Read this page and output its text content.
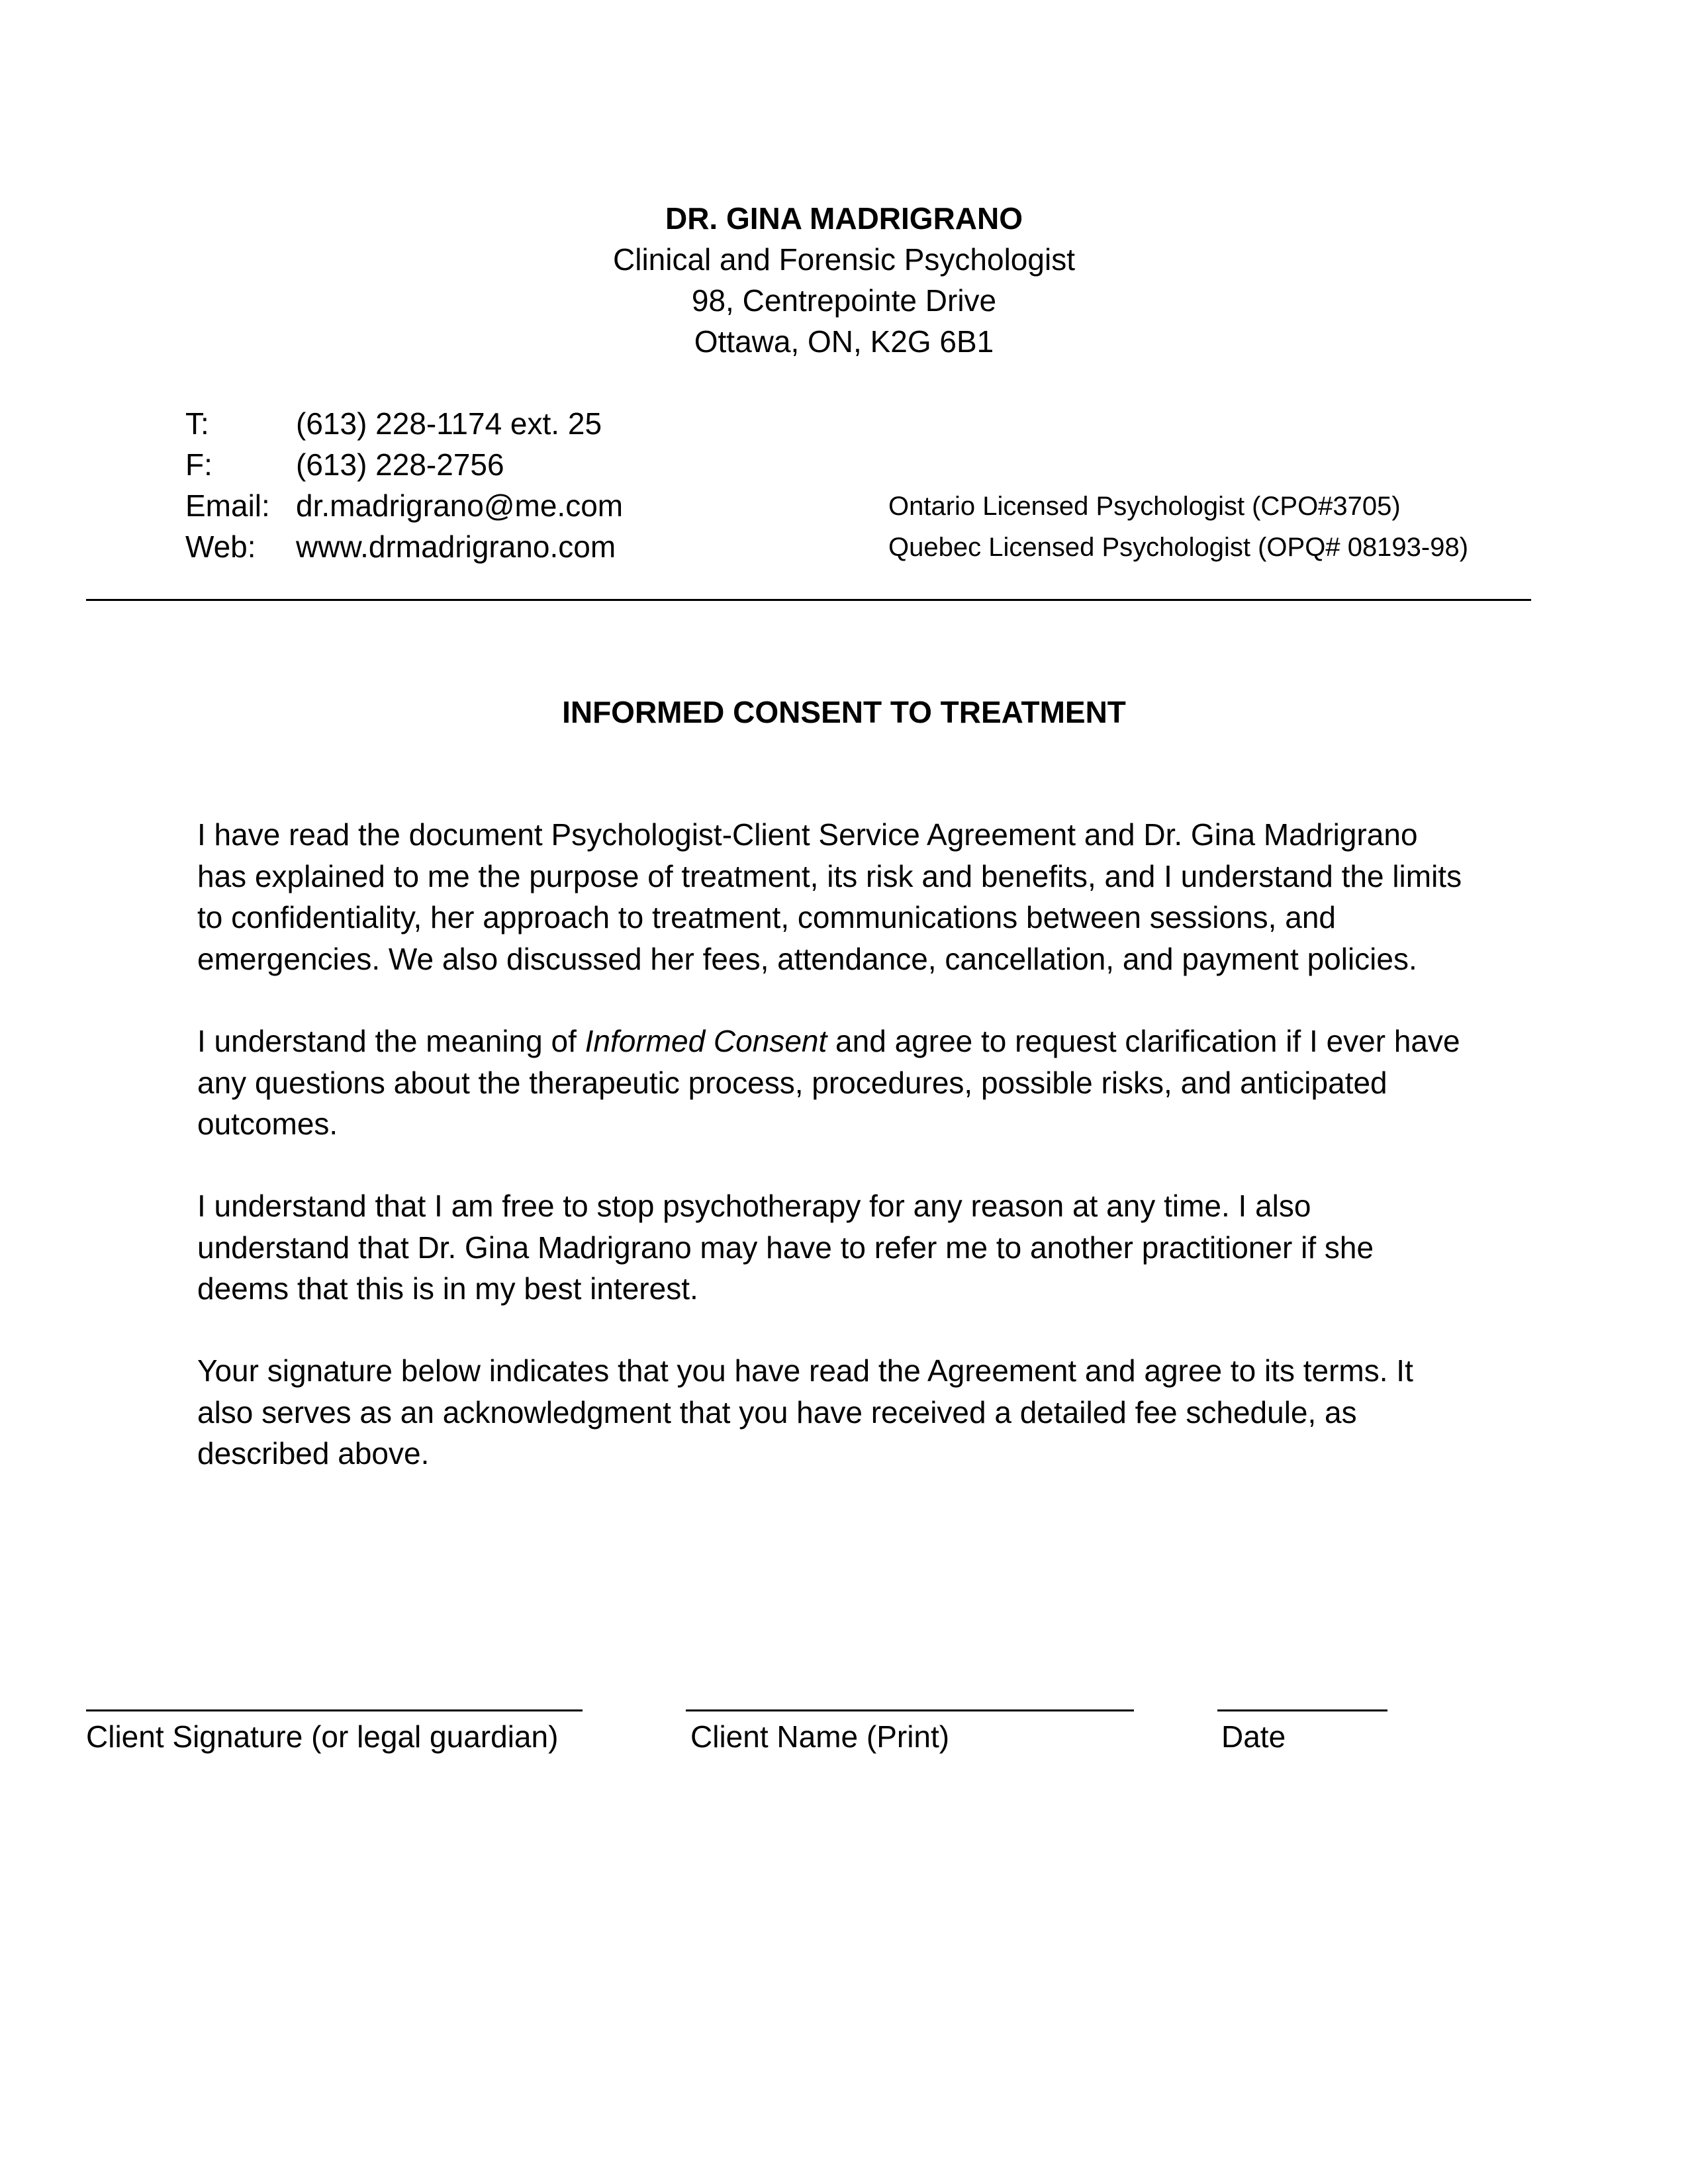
DR. GINA MADRIGRANO

Clinical and Forensic Psychologist

98, Centrepointe Drive

Ottawa, ON, K2G 6B1

T:	(613) 228-1174 ext. 25
F:	(613) 228-2756
Email: dr.madrigrano@me.com
Web: www.drmadrigrano.com
Ontario Licensed Psychologist (CPO#3705)
Quebec Licensed Psychologist (OPQ# 08193-98)

INFORMED CONSENT TO TREATMENT

I have read the document Psychologist-Client Service Agreement and Dr. Gina Madrigrano
has explained to me the purpose of treatment, its risk and benefits, and I understand the limits
to confidentiality, her approach to treatment, communications between sessions, and
emergencies. We also discussed her fees, attendance, cancellation, and payment policies.
I understand the meaning of Informed Consent and agree to request clarification if I ever have
any questions about the therapeutic process, procedures, possible risks, and anticipated
outcomes.
I understand that I am free to stop psychotherapy for any reason at any time. I also
understand that Dr. Gina Madrigrano may have to refer me to another practitioner if she
deems that this is in my best interest.
Your signature below indicates that you have read the Agreement and agree to its terms. It
also serves as an acknowledgment that you have received a detailed fee schedule, as
described above.
Client Signature (or legal guardian)	Client Name (Print)	Date
